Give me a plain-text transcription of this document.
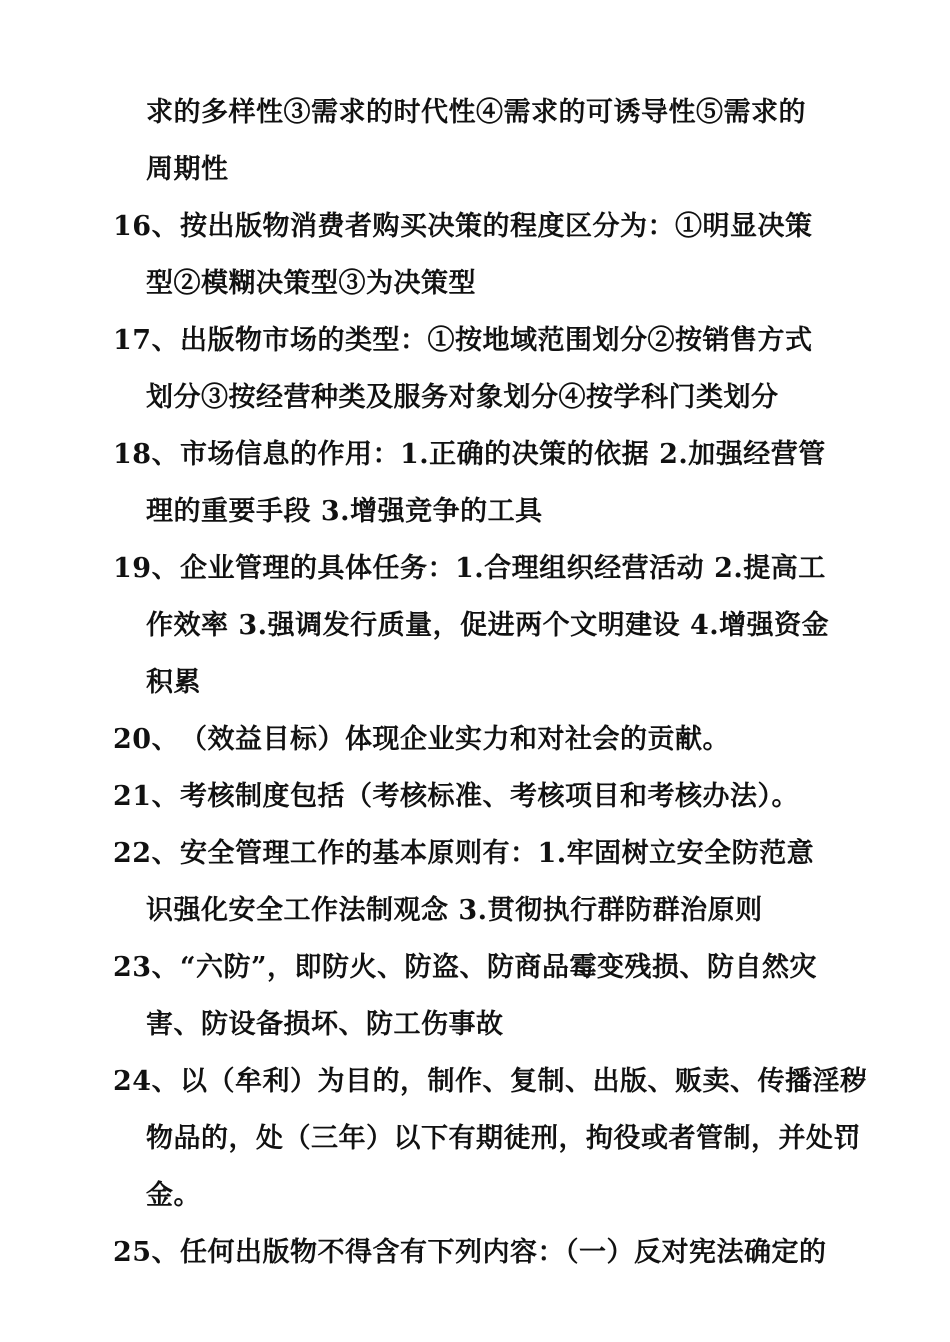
求的多样性③需求的时代性④需求的可诱导性⑤需求的
周期性
16、 按出版物消费者购买决策的程度区分为：①明显决策
型②模糊决策型③为决策型
17、 出版物市场的类型：①按地域范围划分②按销售方式
划分③按经营种类及服务对象划分④按学科门类划分
18、 市场信息的作用：1.正确的决策的依据 2.加强经营管
理的重要手段 3.增强竞争的工具
19、 企业管理的具体任务：1.合理组织经营活动 2.提高工
作效率 3.强调发行质量，促进两个文明建设 4.增强资金
积累
20、 （效益目标）体现企业实力和对社会的贡献。
21、 考核制度包括（考核标准、考核项目和考核办法）。
22、 安全管理工作的基本原则有：1.牢固树立安全防范意
识强化安全工作法制观念 3.贯彻执行群防群治原则
23、 “六防”，即防火、防盗、防商品霉变残损、防自然灾
害、防设备损坏、防工伤事故
24、 以（牟利）为目的，制作、复制、出版、贩卖、传播淫秽
物品的，处（三年）以下有期徒刑，拘役或者管制，并处罚
金。
25、 任何出版物不得含有下列内容：（一）反对宪法确定的
